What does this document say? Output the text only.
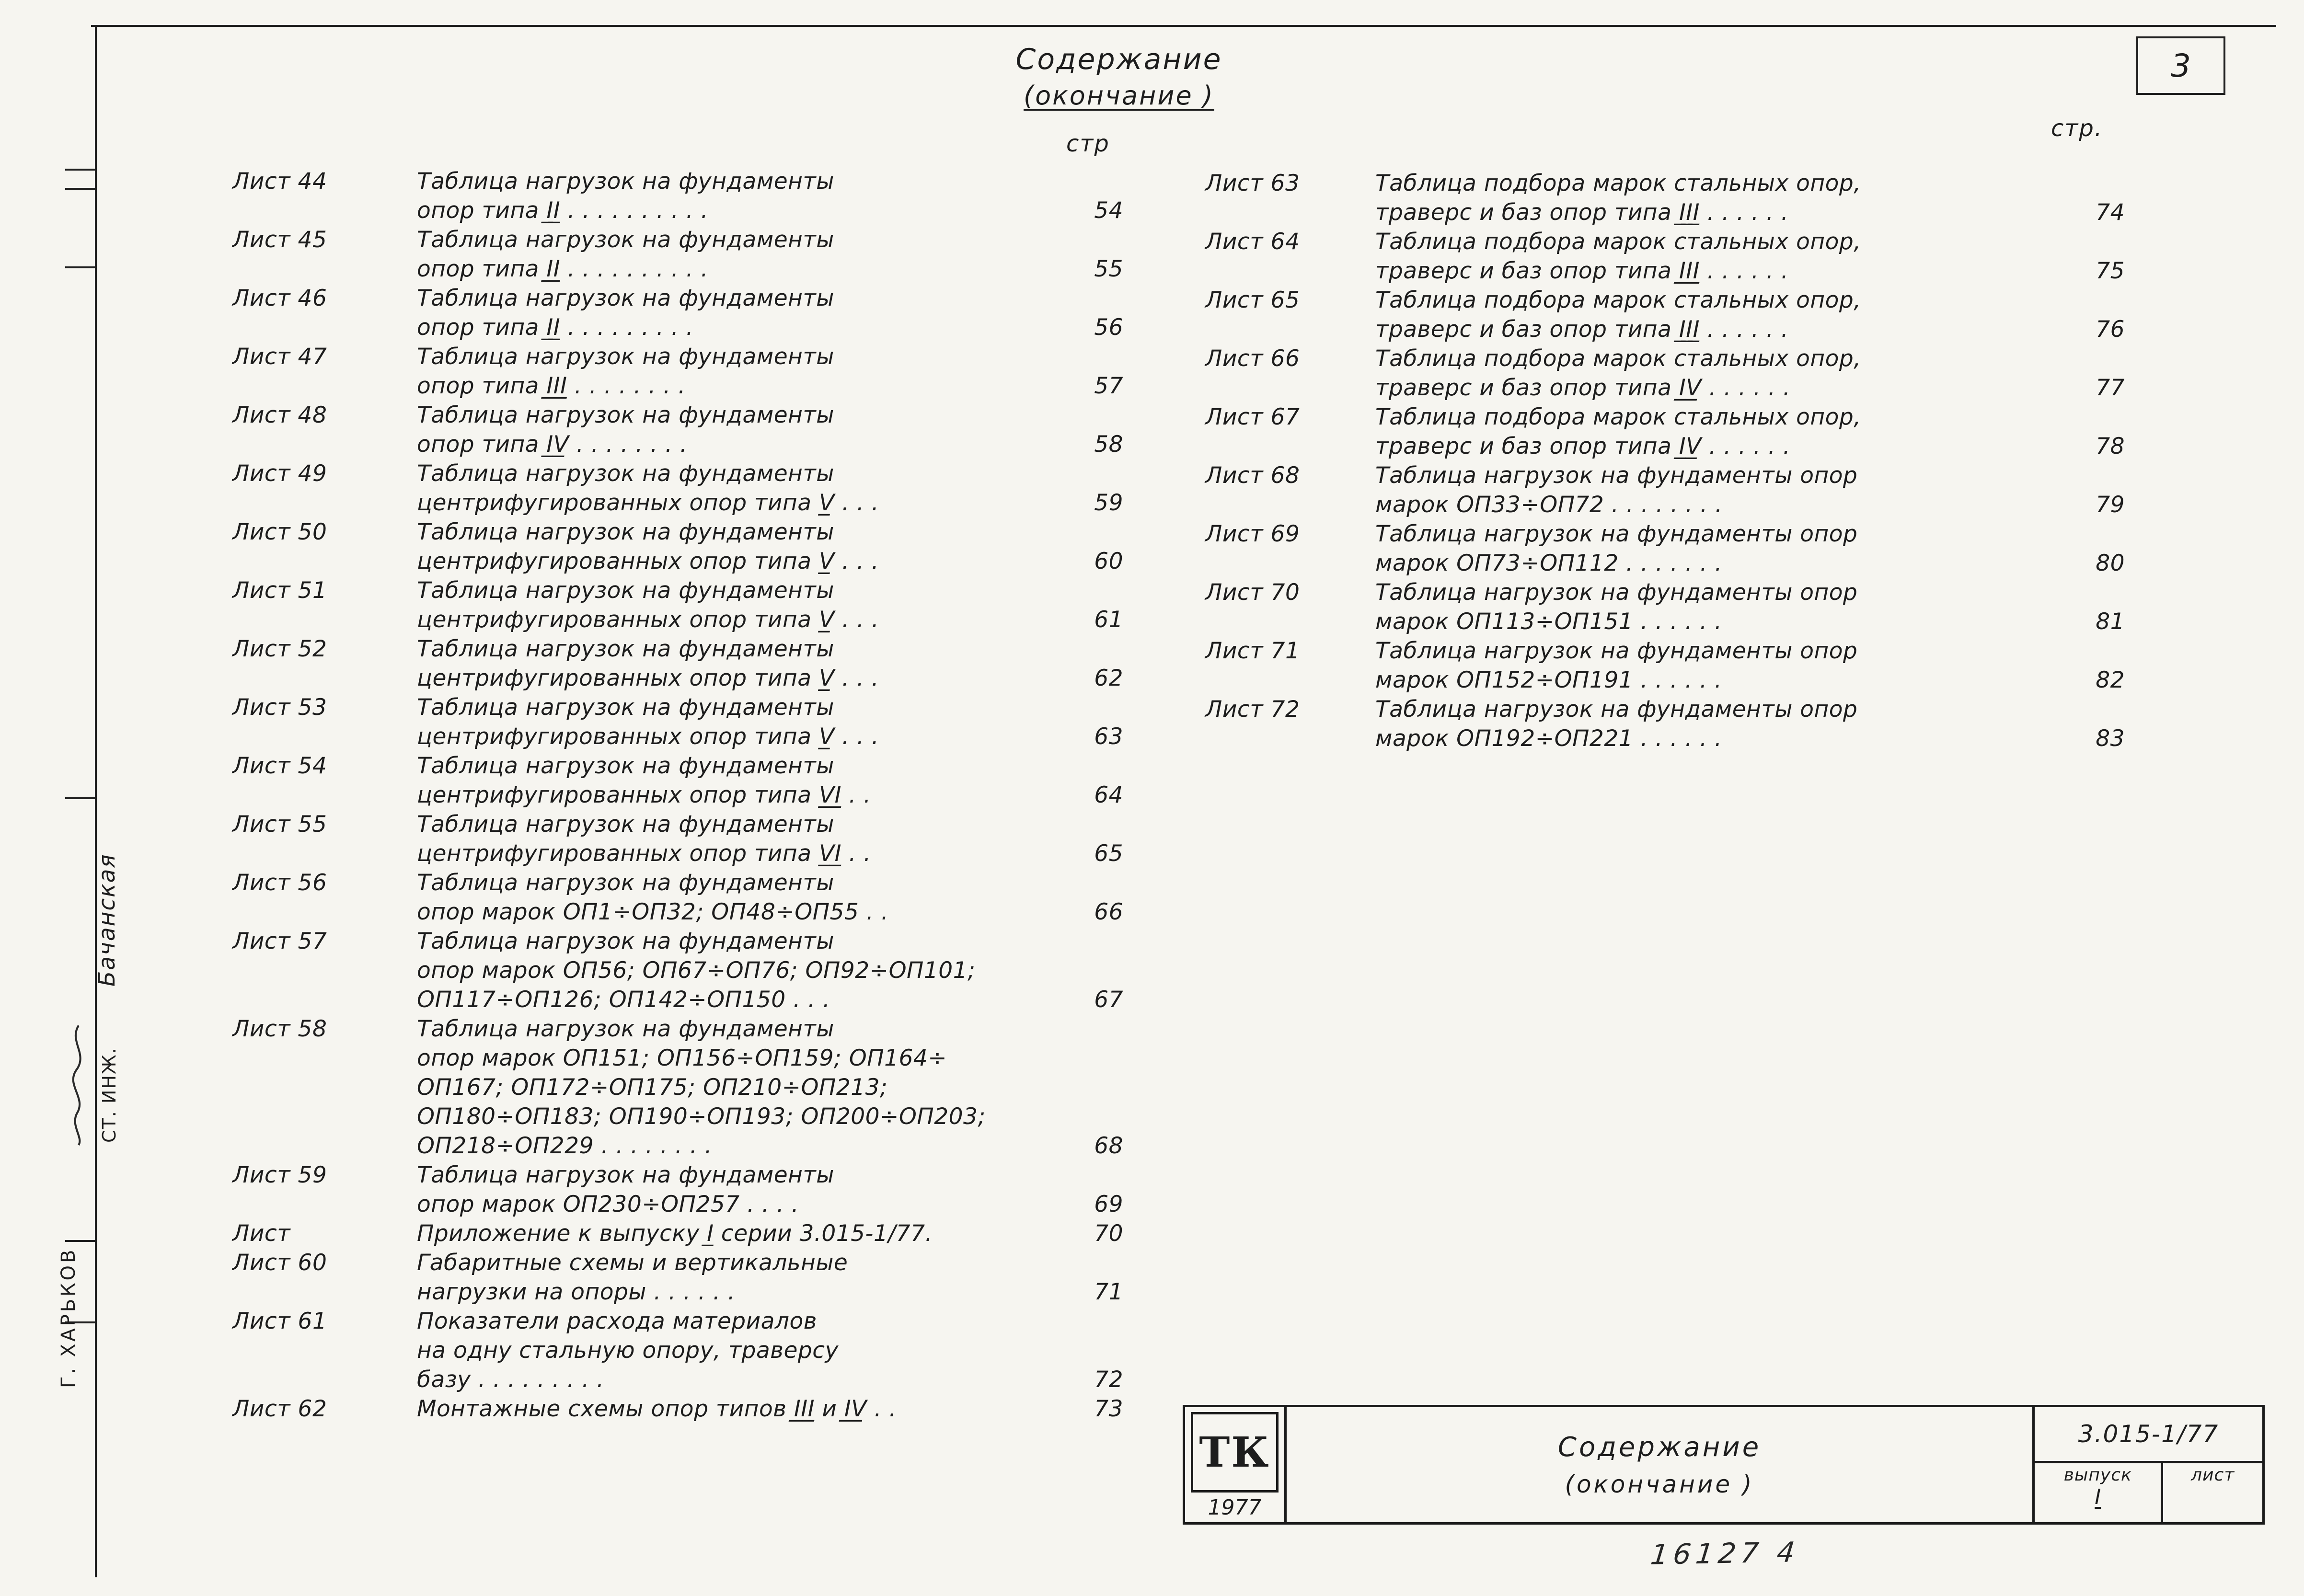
3
Содержание
(окончание )
стр
стр.
Лист 44	Таблица нагрузок на фундаменты
опор типа I̲I̲ . . . . . . . . . .	54
Лист 45	Таблица нагрузок на фундаменты
опор типа I̲I̲ . . . . . . . . . .	55
Лист 46	Таблица нагрузок на фундаменты
опор типа I̲I̲ . . . . . . . . .	56
Лист 47	Таблица нагрузок на фундаменты
опор типа I̲I̲I̲ . . . . . . . .	57
Лист 48	Таблица нагрузок на фундаменты
опор типа I̲V̲ . . . . . . . .	58
Лист 49	Таблица нагрузок на фундаменты
центрифугированных опор типа V̲ . . .	59
Лист 50	Таблица нагрузок на фундаменты
центрифугированных опор типа V̲ . . .	60
Лист 51	Таблица нагрузок на фундаменты
центрифугированных опор типа V̲ . . .	61
Лист 52	Таблица нагрузок на фундаменты
центрифугированных опор типа V̲ . . .	62
Лист 53	Таблица нагрузок на фундаменты
центрифугированных опор типа V̲ . . .	63
Лист 54	Таблица нагрузок на фундаменты
центрифугированных опор типа V̲I̲ . .	64
Лист 55	Таблица нагрузок на фундаменты
центрифугированных опор типа V̲I̲ . .	65
Лист 56	Таблица нагрузок на фундаменты
опор марок ОП1÷ОП32; ОП48÷ОП55 . .	66
Лист 57	Таблица нагрузок на фундаменты
опор марок ОП56; ОП67÷ОП76; ОП92÷ОП101;
ОП117÷ОП126; ОП142÷ОП150 . . .	67
Лист 58	Таблица нагрузок на фундаменты
опор марок ОП151; ОП156÷ОП159; ОП164÷
ОП167; ОП172÷ОП175; ОП210÷ОП213;
ОП180÷ОП183; ОП190÷ОП193; ОП200÷ОП203;
ОП218÷ОП229 . . . . . . . .	68
Лист 59	Таблица нагрузок на фундаменты
опор марок ОП230÷ОП257 . . . .	69
Лист	Приложение к выпуску I̲ серии 3.015-1/77.	70
Лист 60	Габаритные схемы и вертикальные
нагрузки на опоры . . . . . .	71
Лист 61	Показатели расхода материалов
на одну стальную опору, траверсу
базу . . . . . . . . .	72
Лист 62	Монтажные схемы опор типов I̲I̲I̲ и I̲V̲ . .	73
Лист 63	Таблица подбора марок стальных опор,
траверс и баз опор типа I̲I̲I̲ . . . . . .	74
Лист 64	Таблица подбора марок стальных опор,
траверс и баз опор типа I̲I̲I̲ . . . . . .	75
Лист 65	Таблица подбора марок стальных опор,
траверс и баз опор типа I̲I̲I̲ . . . . . .	76
Лист 66	Таблица подбора марок стальных опор,
траверс и баз опор типа I̲V̲ . . . . . .	77
Лист 67	Таблица подбора марок стальных опор,
траверс и баз опор типа I̲V̲ . . . . . .	78
Лист 68	Таблица нагрузок на фундаменты опор
марок ОП33÷ОП72 . . . . . . . .	79
Лист 69	Таблица нагрузок на фундаменты опор
марок ОП73÷ОП112 . . . . . . .	80
Лист 70	Таблица нагрузок на фундаменты опор
марок ОП113÷ОП151 . . . . . .	81
Лист 71	Таблица нагрузок на фундаменты опор
марок ОП152÷ОП191 . . . . . .	82
Лист 72	Таблица нагрузок на фундаменты опор
марок ОП192÷ОП221 . . . . . .	83
Бачанская
СТ. ИНЖ.
Г. ХАРЬКОВ
ТК
1977
Содержание
(окончание )
3.015-1/77
выпуск
I
лист
16127 4
